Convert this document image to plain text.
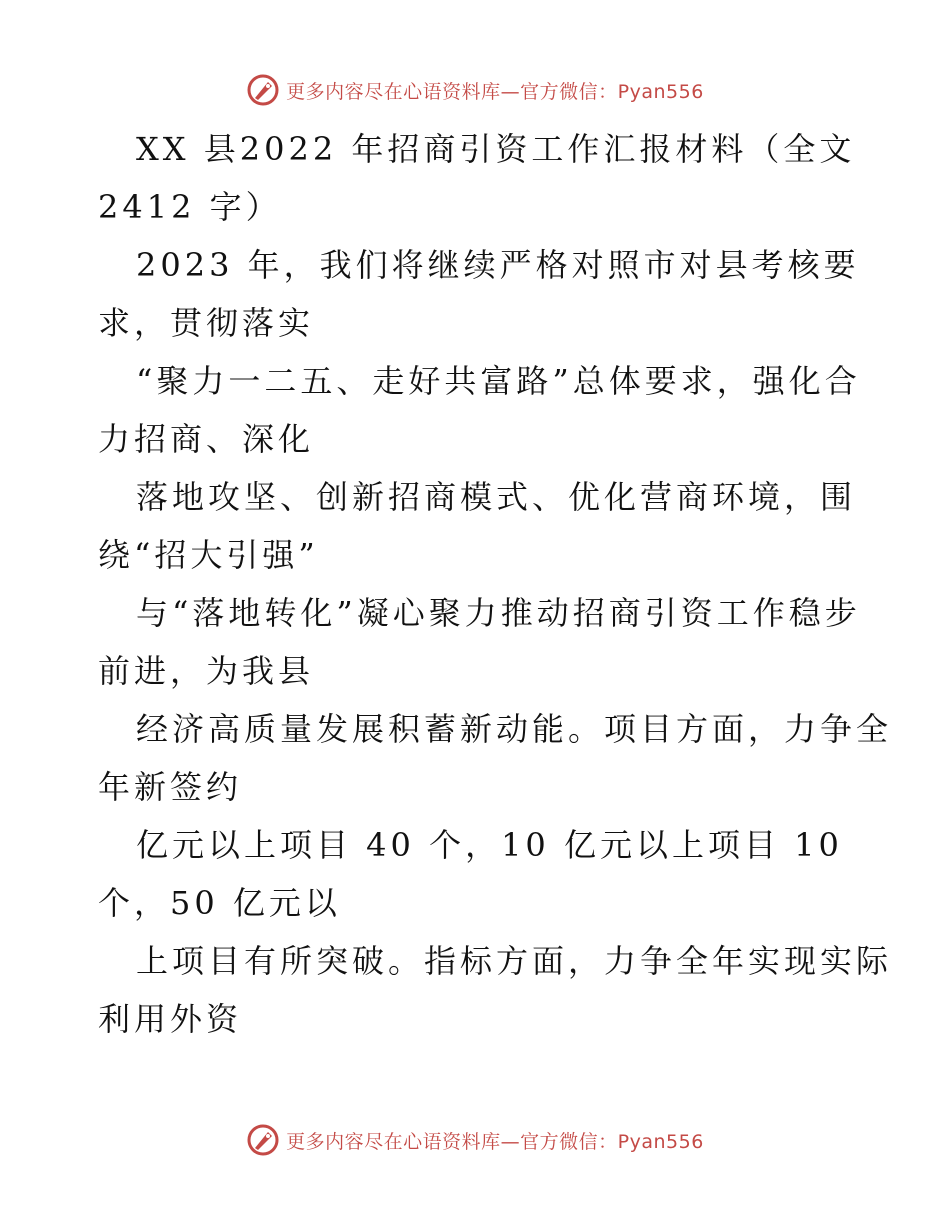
更多内容尽在心语资料库—官方微信：Pyan556
XX 县2022 年招商引资工作汇报材料（全文
2412 字）
2023 年，我们将继续严格对照市对县考核要
求，贯彻落实
“聚力一二五、走好共富路”总体要求，强化合
力招商、深化
落地攻坚、创新招商模式、优化营商环境，围
绕“招大引强”
与“落地转化”凝心聚力推动招商引资工作稳步
前进，为我县
经济高质量发展积蓄新动能。项目方面，力争全
年新签约
亿元以上项目 40 个，10 亿元以上项目 10
个，50 亿元以
上项目有所突破。指标方面，力争全年实现实际
利用外资
更多内容尽在心语资料库—官方微信：Pyan556
